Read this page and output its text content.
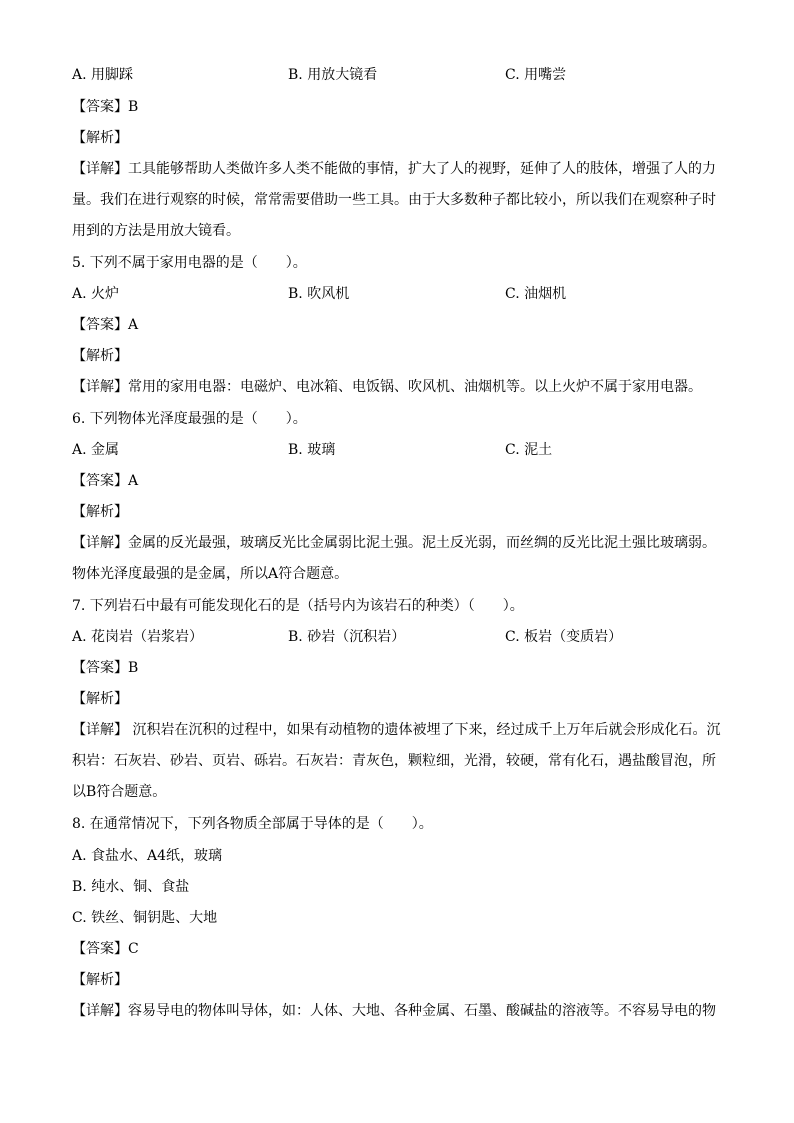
A. 用脚踩	B. 用放大镜看	C. 用嘴尝
【答案】B
【解析】
【详解】工具能够帮助人类做许多人类不能做的事情，扩大了人的视野，延伸了人的肢体，增强了人的力
量。我们在进行观察的时候，常常需要借助一些工具。由于大多数种子都比较小，所以我们在观察种子时
用到的方法是用放大镜看。
5. 下列不属于家用电器的是（　　）。
A. 火炉	B. 吹风机	C. 油烟机
【答案】A
【解析】
【详解】常用的家用电器：电磁炉、电冰箱、电饭锅、吹风机、油烟机等。以上火炉不属于家用电器。
6. 下列物体光泽度最强的是（　　）。
A. 金属	B. 玻璃	C. 泥土
【答案】A
【解析】
【详解】金属的反光最强，玻璃反光比金属弱比泥土强。泥土反光弱，而丝绸的反光比泥土强比玻璃弱。
物体光泽度最强的是金属，所以A符合题意。
7. 下列岩石中最有可能发现化石的是（括号内为该岩石的种类）（　　）。
A. 花岗岩（岩浆岩）	B. 砂岩（沉积岩）	C. 板岩（变质岩）
【答案】B
【解析】
【详解】 沉积岩在沉积的过程中，如果有动植物的遗体被埋了下来，经过成千上万年后就会形成化石。沉
积岩：石灰岩、砂岩、页岩、砾岩。石灰岩：青灰色，颗粒细，光滑，较硬，常有化石，遇盐酸冒泡，所
以B符合题意。
8. 在通常情况下，下列各物质全部属于导体的是（　　）。
A. 食盐水、A4纸，玻璃
B. 纯水、铜、食盐
C. 铁丝、铜钥匙、大地
【答案】C
【解析】
【详解】容易导电的物体叫导体，如：人体、大地、各种金属、石墨、酸碱盐的溶液等。不容易导电的物
